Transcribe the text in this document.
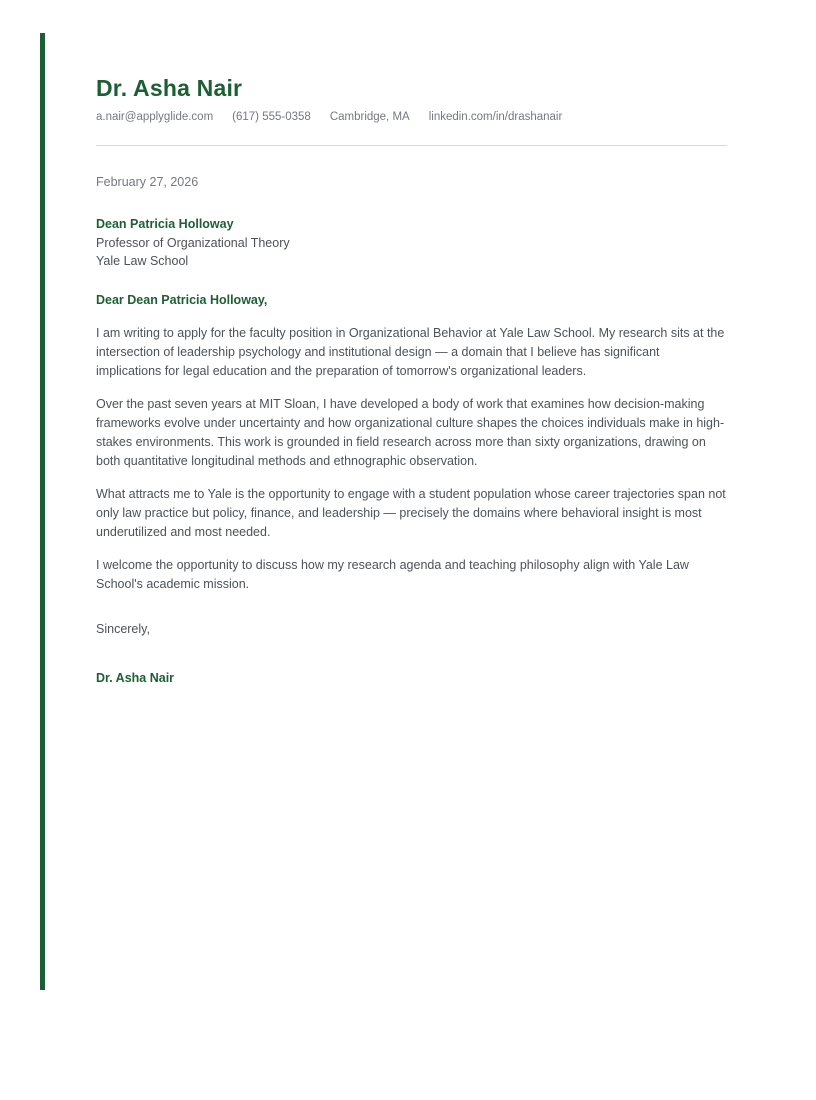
Dr. Asha Nair
a.nair@applyglide.com (617) 555-0358 Cambridge, MA linkedin.com/in/drashanair

February 27, 2026

Dean Patricia Holloway

Professor of Organizational Theory

Yale Law School

Dear Dean Patricia Holloway,

I am writing to apply for the faculty position in Organizational Behavior at Yale Law School. My research sits at the intersection of leadership psychology and institutional design — a domain that I believe has significant implications for legal education and the preparation of tomorrow's organizational leaders.

Over the past seven years at MIT Sloan, I have developed a body of work that examines how decision-making frameworks evolve under uncertainty and how organizational culture shapes the choices individuals make in high-stakes environments. This work is grounded in field research across more than sixty organizations, drawing on both quantitative longitudinal methods and ethnographic observation.

What attracts me to Yale is the opportunity to engage with a student population whose career trajectories span not only law practice but policy, finance, and leadership — precisely the domains where behavioral insight is most underutilized and most needed.

I welcome the opportunity to discuss how my research agenda and teaching philosophy align with Yale Law School's academic mission.

Sincerely,

Dr. Asha Nair
